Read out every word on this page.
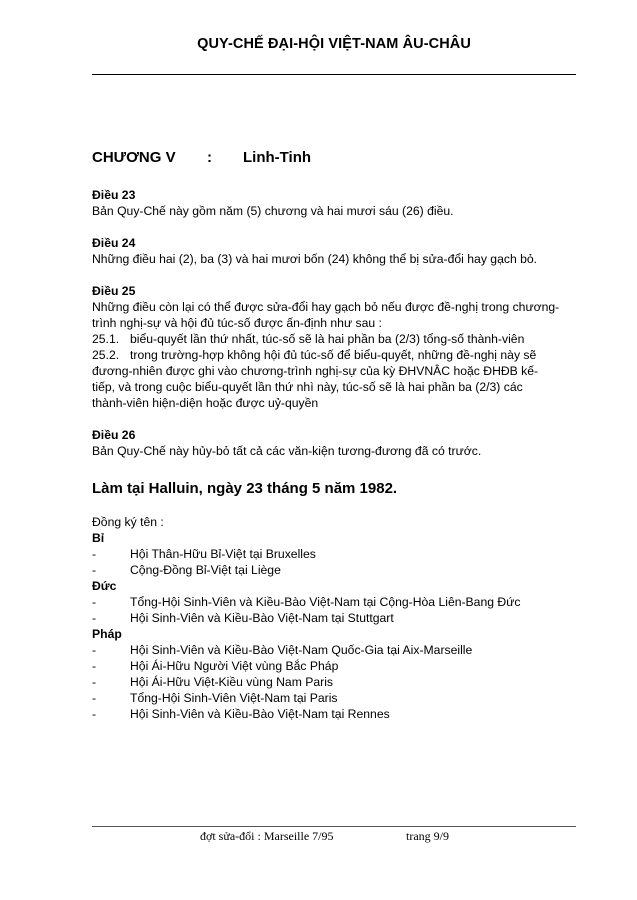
QUY-CHẾ ĐẠI-HỘI VIỆT-NAM ÂU-CHÂU
CHƯƠNG V	:	Linh-Tinh

Điều 23

Bản Quy-Chế này gồm năm (5) chương và hai mươi sáu (26) điều.

Điều 24

Những điều hai (2), ba (3) và hai mươi bốn (24) không thể bị sửa-đổi hay gạch bỏ.

Điều 25

Những điều còn lại có thể được sửa-đổi hay gạch bỏ nếu được đề-nghị trong chương-
trình nghị-sự và hội đủ túc-số được ấn-định như sau :
25.1. biểu-quyết lần thứ nhất, túc-số sẽ là hai phần ba (2/3) tổng-số thành-viên
25.2. trong trường-hợp không hội đủ túc-số để biểu-quyết, những đề-nghị này sẽ
đương-nhiên được ghi vào chương-trình nghị-sự của kỳ ĐHVNÂC hoặc ĐHĐB kế-
tiếp, và trong cuộc biểu-quyết lần thứ nhì này, túc-số sẽ là hai phần ba (2/3) các
thành-viên hiện-diện hoặc được uỷ-quyền

Điều 26

Bản Quy-Chế này hủy-bỏ tất cả các văn-kiện tương-đương đã có trước.

Làm tại Halluin, ngày 23 tháng 5 năm 1982.
Đồng ký tên :
Bỉ
-	Hội Thân-Hữu Bỉ-Việt tại Bruxelles
-	Cộng-Đồng Bỉ-Việt tại Liège
Đức
-	Tổng-Hội Sinh-Viên và Kiều-Bào Việt-Nam tại Cộng-Hòa Liên-Bang Đức
-	Hội Sinh-Viên và Kiều-Bào Việt-Nam tại Stuttgart
Pháp
-	Hội Sinh-Viên và Kiều-Bào Việt-Nam Quốc-Gia tại Aix-Marseille
-	Hội Ái-Hữu Người Việt vùng Bắc Pháp
-	Hội Ái-Hữu Việt-Kiều vùng Nam Paris
-	Tổng-Hội Sinh-Viên Việt-Nam tại Paris
-	Hội Sinh-Viên và Kiều-Bào Việt-Nam tại Rennes
đợt sửa-đổi : Marseille 7/95	trang 9/9
